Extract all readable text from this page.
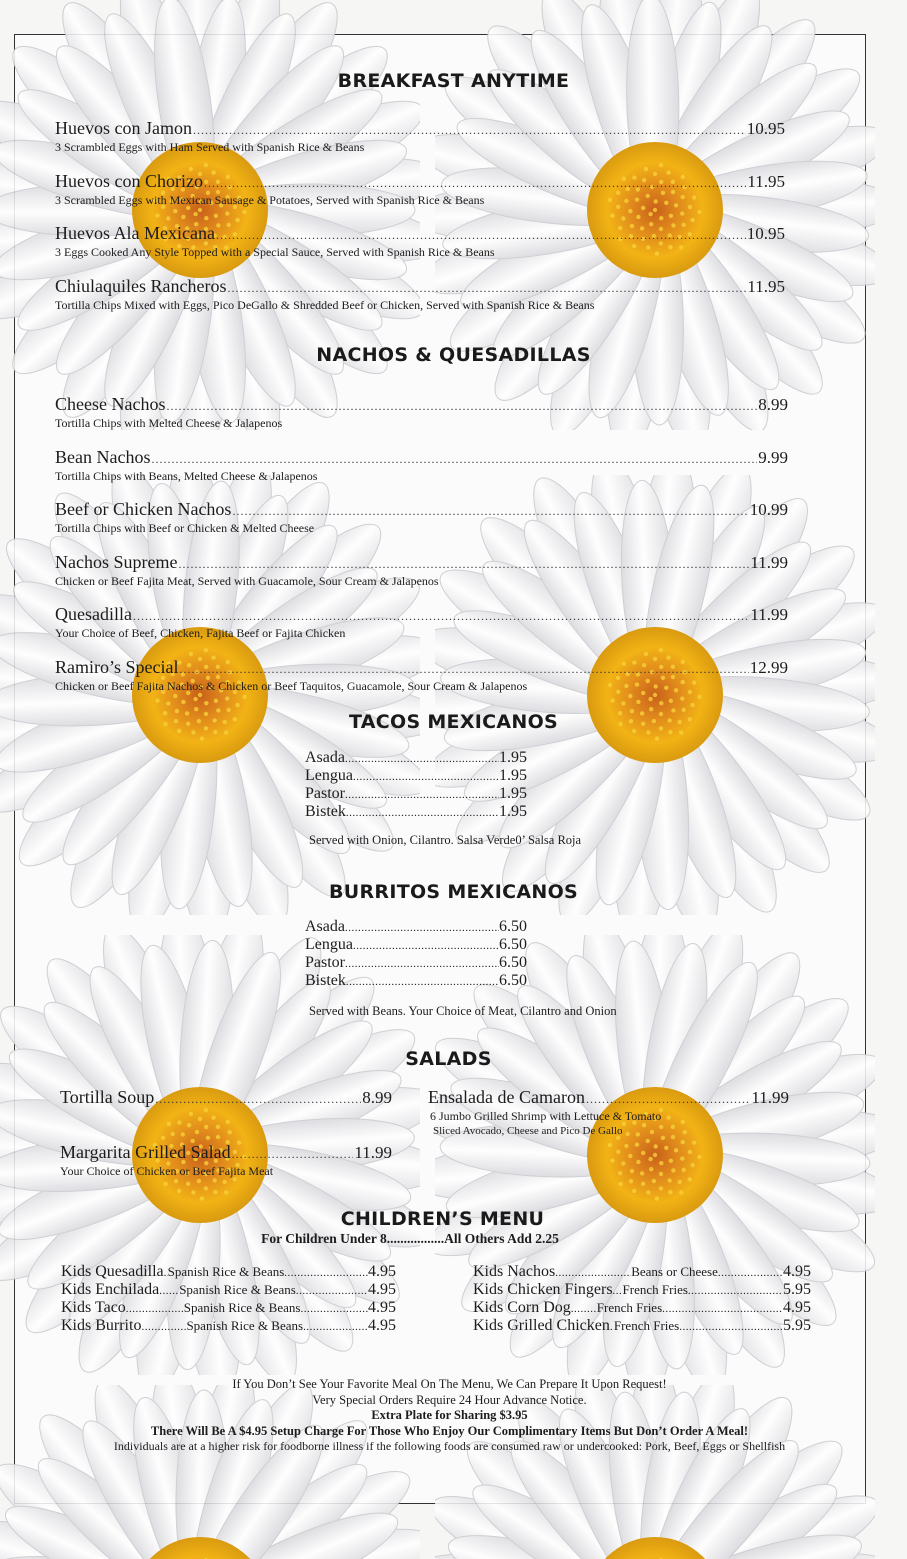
BREAKFAST ANYTIME
Huevos con Jamon .....	10.95
3 Scrambled Eggs with Ham Served with Spanish Rice & Beans
Huevos con Chorizo .....	11.95
3 Scrambled Eggs with Mexican Sausage & Potatoes, Served with Spanish Rice & Beans
Huevos Ala Mexicana .....	10.95
3 Eggs Cooked Any Style Topped with a Special Sauce, Served with Spanish Rice & Beans
Chiulaquiles Rancheros .....	11.95
Tortilla Chips Mixed with Eggs, Pico DeGallo & Shredded Beef or Chicken, Served with Spanish Rice & Beans
NACHOS & QUESADILLAS
Cheese Nachos .....	8.99
Tortilla Chips with Melted Cheese & Jalapenos
Bean Nachos .....	9.99
Tortilla Chips with Beans, Melted Cheese & Jalapenos
Beef or Chicken Nachos .....	10.99
Tortilla Chips with Beef or Chicken & Melted Cheese
Nachos Supreme .....	11.99
Chicken or Beef Fajita Meat, Served with Guacamole, Sour Cream & Jalapenos
Quesadilla .....	11.99
Your Choice of Beef, Chicken, Fajita Beef or Fajita Chicken
Ramiro’s Special .....	12.99
Chicken or Beef Fajita Nachos & Chicken or Beef Taquitos, Guacamole, Sour Cream & Jalapenos
TACOS MEXICANOS
Asada .....	1.95
Lengua .....	1.95
Pastor .....	1.95
Bistek .....	1.95
Served with Onion, Cilantro. Salsa Verde0’ Salsa Roja
BURRITOS MEXICANOS
Asada .....	6.50
Lengua .....	6.50
Pastor .....	6.50
Bistek .....	6.50
Served with Beans. Your Choice of Meat, Cilantro and Onion
SALADS
Tortilla Soup .....	8.99
Margarita Grilled Salad .....	11.99
Your Choice of Chicken or Beef Fajita Meat
Ensalada de Camaron .....	11.99
6 Jumbo Grilled Shrimp with Lettuce & Tomato
Sliced Avocado, Cheese and Pico De Gallo
CHILDREN’S MENU
For Children Under 8.................All Others Add 2.25
Kids Quesadilla ..... Spanish Rice & Beans .....	4.95
Kids Enchilada ..... Spanish Rice & Beans .....	4.95
Kids Taco .....	Spanish Rice & Beans .....	4.95
Kids Burrito .....	Spanish Rice & Beans .....	4.95
Kids Nachos .....	Beans or Cheese .....	4.95
Kids Chicken Fingers ..... French Fries .....	5.95
Kids Corn Dog ..... French Fries .....	4.95
Kids Grilled Chicken ..... French Fries .....	5.95
If You Don’t See Your Favorite Meal On The Menu, We Can Prepare It Upon Request!
Very Special Orders Require 24 Hour Advance Notice.
Extra Plate for Sharing $3.95
There Will Be A $4.95 Setup Charge For Those Who Enjoy Our Complimentary Items But Don’t Order A Meal!
Individuals are at a higher risk for foodborne illness if the following foods are consumed raw or undercooked: Pork, Beef, Eggs or Shellfish
